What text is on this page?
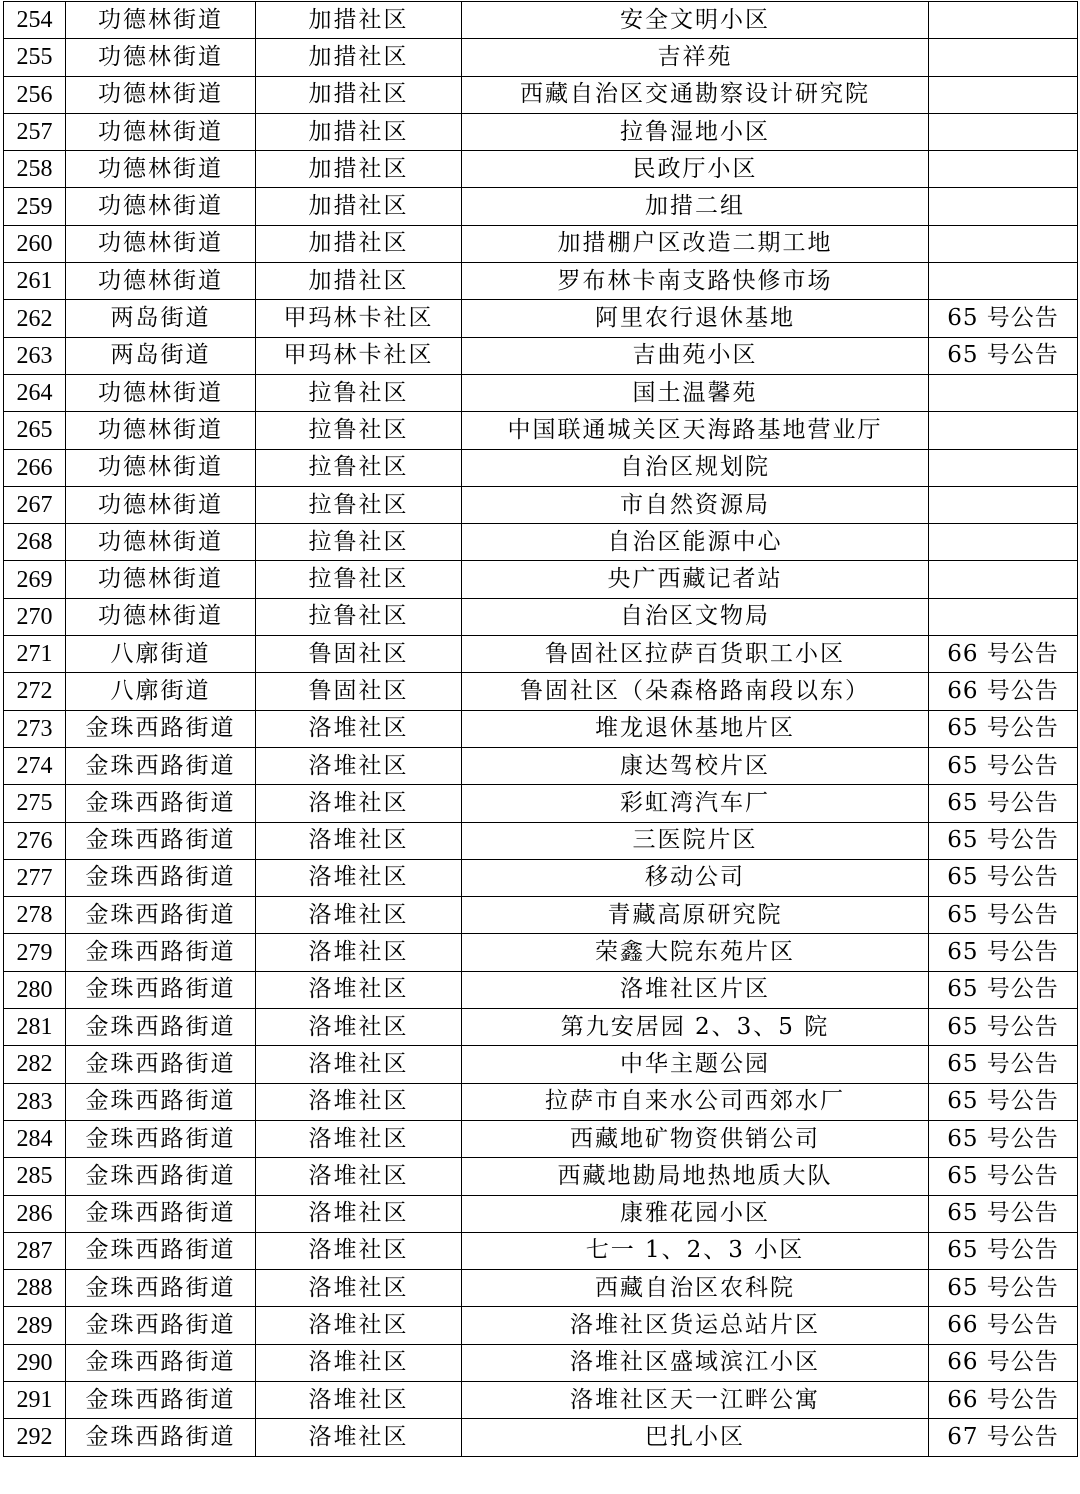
254	功德林街道	加措社区	安全文明小区	
255	功德林街道	加措社区	吉祥苑	
256	功德林街道	加措社区	西藏自治区交通勘察设计研究院	
257	功德林街道	加措社区	拉鲁湿地小区	
258	功德林街道	加措社区	民政厅小区	
259	功德林街道	加措社区	加措二组	
260	功德林街道	加措社区	加措棚户区改造二期工地	
261	功德林街道	加措社区	罗布林卡南支路快修市场	
262	两岛街道	甲玛林卡社区	阿里农行退休基地	65 号公告
263	两岛街道	甲玛林卡社区	吉曲苑小区	65 号公告
264	功德林街道	拉鲁社区	国土温馨苑	
265	功德林街道	拉鲁社区	中国联通城关区天海路基地营业厅	
266	功德林街道	拉鲁社区	自治区规划院	
267	功德林街道	拉鲁社区	市自然资源局	
268	功德林街道	拉鲁社区	自治区能源中心	
269	功德林街道	拉鲁社区	央广西藏记者站	
270	功德林街道	拉鲁社区	自治区文物局	
271	八廓街道	鲁固社区	鲁固社区拉萨百货职工小区	66 号公告
272	八廓街道	鲁固社区	鲁固社区（朵森格路南段以东）	66 号公告
273	金珠西路街道	洛堆社区	堆龙退休基地片区	65 号公告
274	金珠西路街道	洛堆社区	康达驾校片区	65 号公告
275	金珠西路街道	洛堆社区	彩虹湾汽车厂	65 号公告
276	金珠西路街道	洛堆社区	三医院片区	65 号公告
277	金珠西路街道	洛堆社区	移动公司	65 号公告
278	金珠西路街道	洛堆社区	青藏高原研究院	65 号公告
279	金珠西路街道	洛堆社区	荣鑫大院东苑片区	65 号公告
280	金珠西路街道	洛堆社区	洛堆社区片区	65 号公告
281	金珠西路街道	洛堆社区	第九安居园 2、3、5 院	65 号公告
282	金珠西路街道	洛堆社区	中华主题公园	65 号公告
283	金珠西路街道	洛堆社区	拉萨市自来水公司西郊水厂	65 号公告
284	金珠西路街道	洛堆社区	西藏地矿物资供销公司	65 号公告
285	金珠西路街道	洛堆社区	西藏地勘局地热地质大队	65 号公告
286	金珠西路街道	洛堆社区	康雅花园小区	65 号公告
287	金珠西路街道	洛堆社区	七一 1、2、3 小区	65 号公告
288	金珠西路街道	洛堆社区	西藏自治区农科院	65 号公告
289	金珠西路街道	洛堆社区	洛堆社区货运总站片区	66 号公告
290	金珠西路街道	洛堆社区	洛堆社区盛域滨江小区	66 号公告
291	金珠西路街道	洛堆社区	洛堆社区天一江畔公寓	66 号公告
292	金珠西路街道	洛堆社区	巴扎小区	67 号公告
